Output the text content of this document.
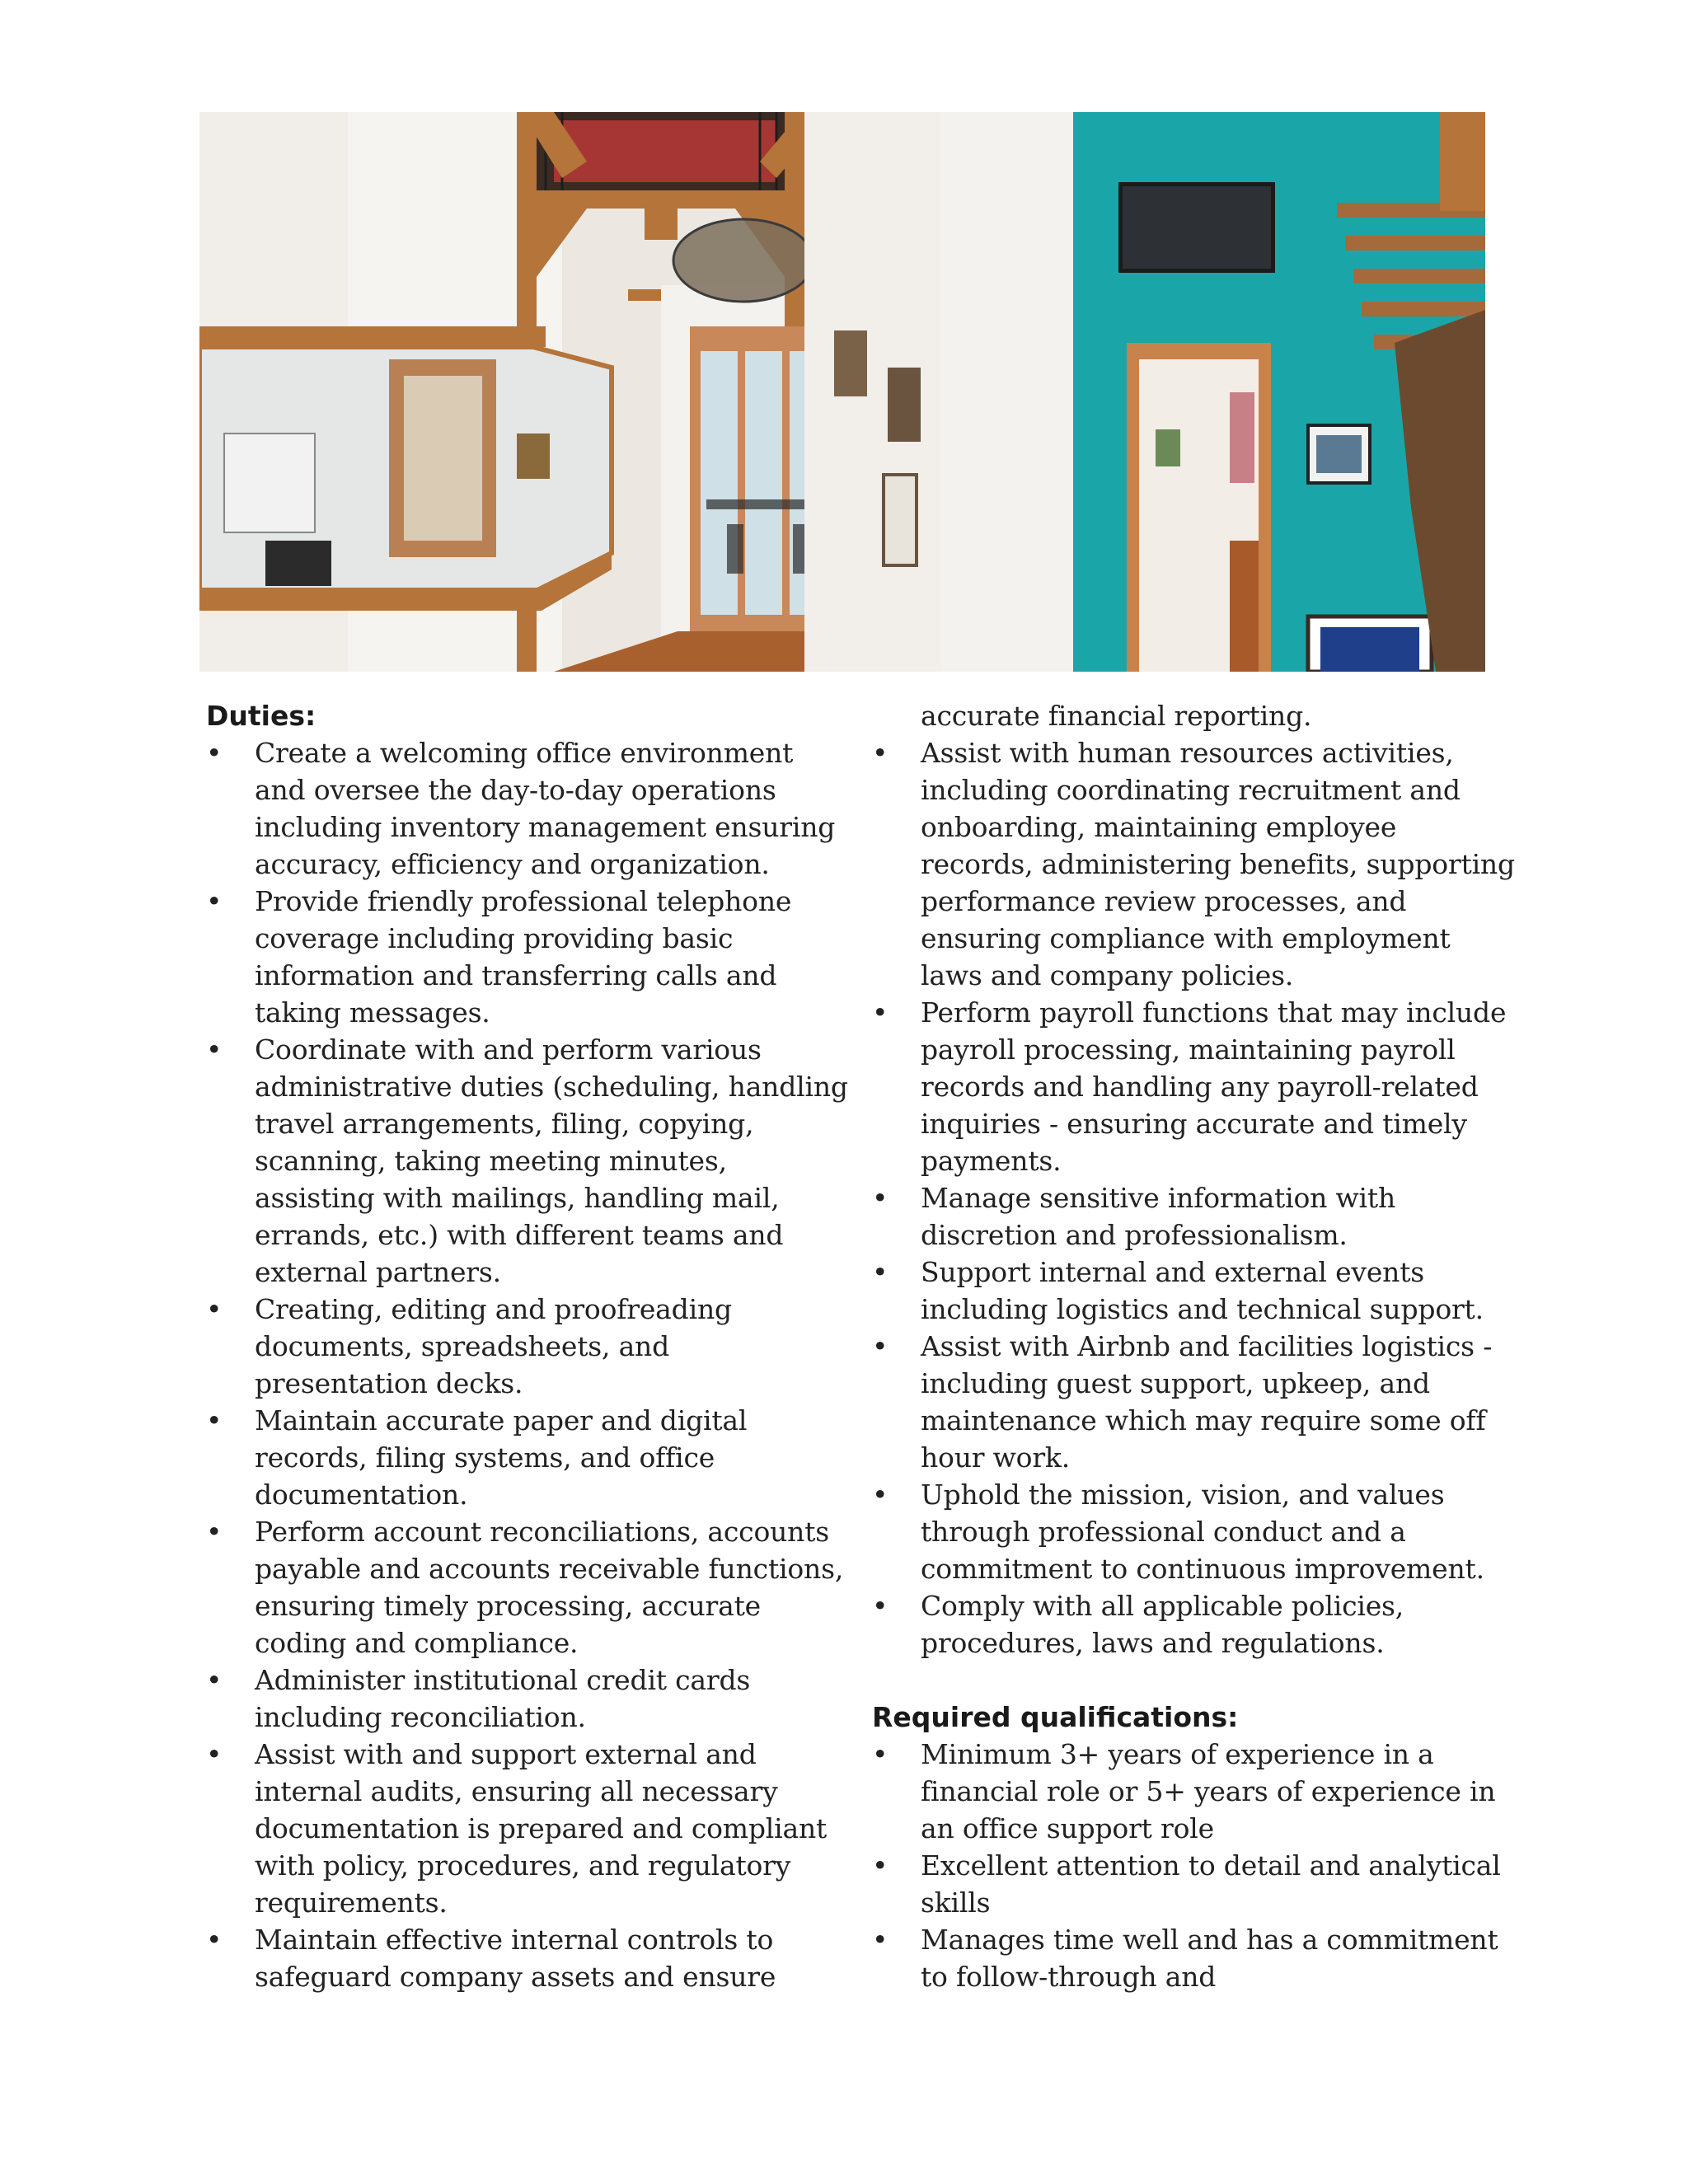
Duties:

•	Create a welcoming office environment and oversee the day-to-day operations including inventory management ensuring accuracy, efficiency and organization.
•	Provide friendly professional telephone coverage including providing basic information and transferring calls and taking messages.
•	Coordinate with and perform various administrative duties (scheduling, handling travel arrangements, filing, copying, scanning, taking meeting minutes, assisting with mailings, handling mail, errands, etc.) with different teams and external partners.
•	Creating, editing and proofreading documents, spreadsheets, and presentation decks.
•	Maintain accurate paper and digital records, filing systems, and office documentation.
•	Perform account reconciliations, accounts payable and accounts receivable functions, ensuring timely processing, accurate coding and compliance.
•	Administer institutional credit cards including reconciliation.
•	Assist with and support external and internal audits, ensuring all necessary documentation is prepared and compliant with policy, procedures, and regulatory requirements.
•	Maintain effective internal controls to safeguard company assets and ensure
accurate financial reporting.
•	Assist with human resources activities, including coordinating recruitment and onboarding, maintaining employee records, administering benefits, supporting performance review processes, and ensuring compliance with employment laws and company policies.
•	Perform payroll functions that may include payroll processing, maintaining payroll records and handling any payroll-related inquiries - ensuring accurate and timely payments.
•	Manage sensitive information with discretion and professionalism.
•	Support internal and external events including logistics and technical support.
•	Assist with Airbnb and facilities logistics - including guest support, upkeep, and maintenance which may require some off hour work.
•	Uphold the mission, vision, and values through professional conduct and a commitment to continuous improvement.
•	Comply with all applicable policies, procedures, laws and regulations.

Required qualifications:

•	Minimum 3+ years of experience in a financial role or 5+ years of experience in an office support role
•	Excellent attention to detail and analytical skills
•	Manages time well and has a commitment to follow-through and
